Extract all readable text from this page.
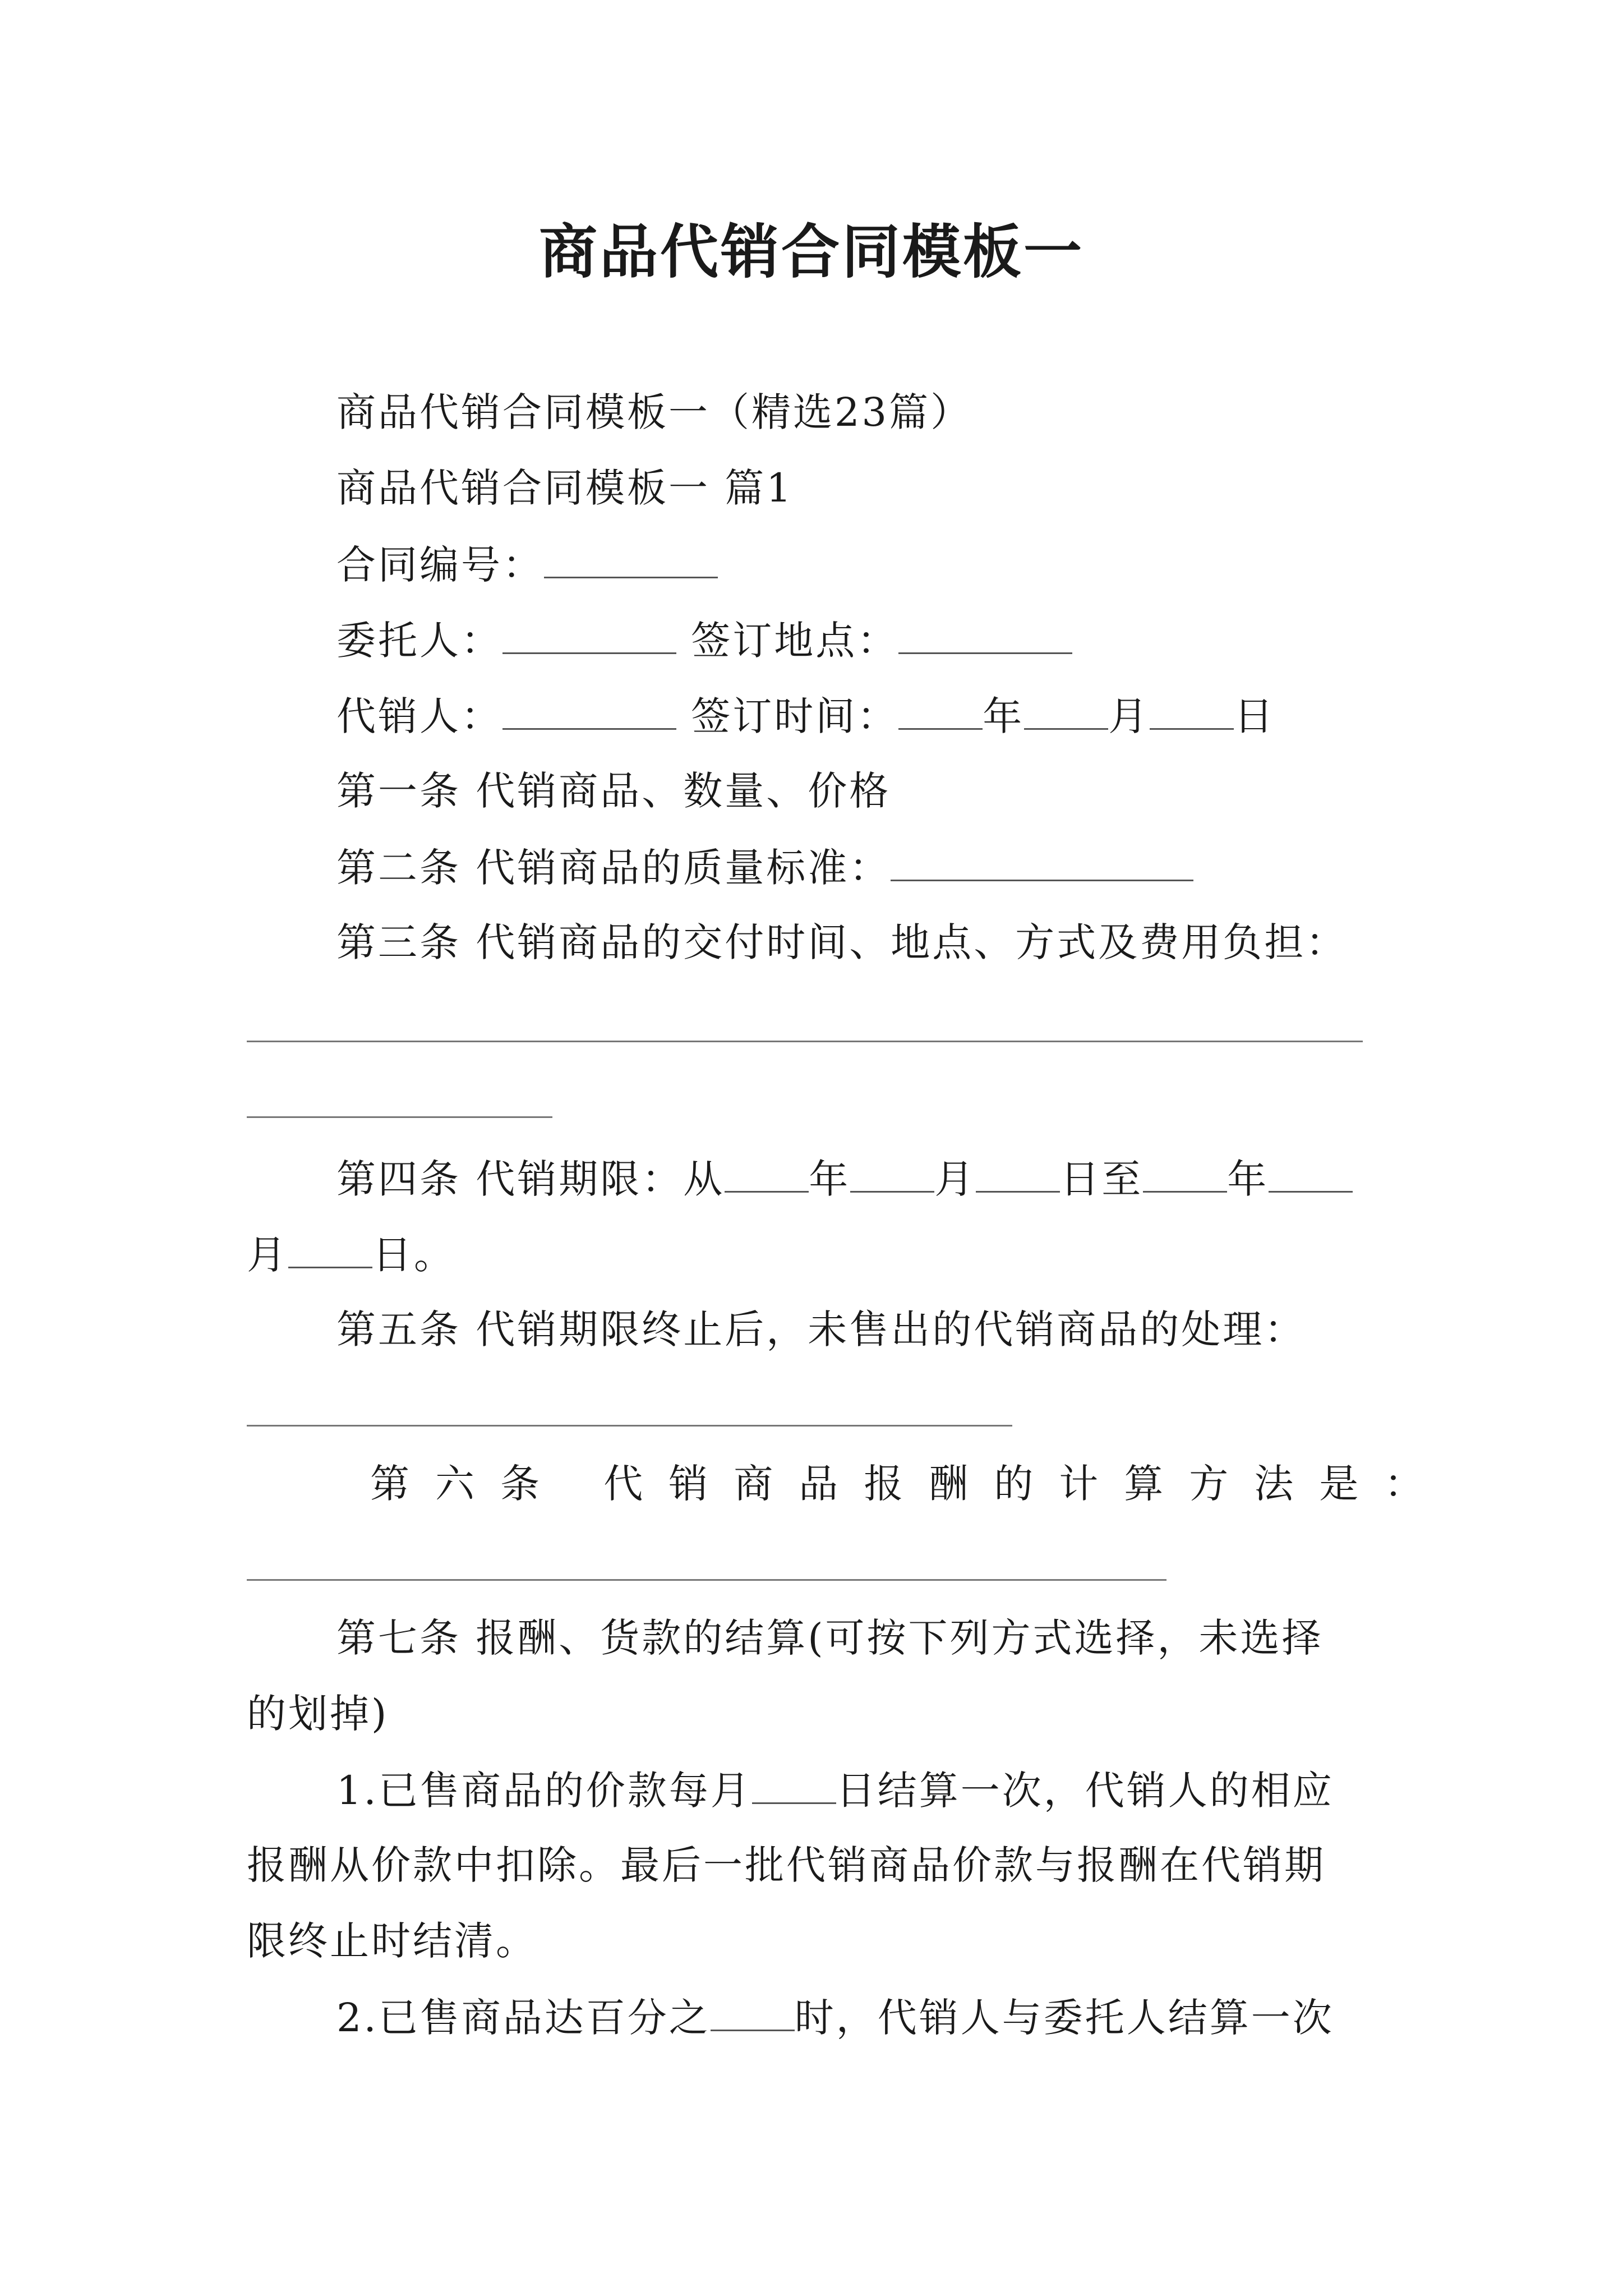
商品代销合同模板一
商品代销合同模板一（精选23篇）
商品代销合同模板一 篇1
合同编号：
委托人：	签订地点：
代销人：	签订时间： 年 月 日
第一条 代销商品、数量、价格
第二条 代销商品的质量标准：
第三条 代销商品的交付时间、地点、方式及费用负担：
第四条 代销期限：从 年 月 日至 年
月 日。
第五条 代销期限终止后，未售出的代销商品的处理：
第六条 代销商品报酬的计算方法是：
第七条 报酬、货款的结算(可按下列方式选择，未选择
的划掉)
1.已售商品的价款每月 日结算一次，代销人的相应
报酬从价款中扣除。最后一批代销商品价款与报酬在代销期
限终止时结清。
2.已售商品达百分之 时，代销人与委托人结算一次
